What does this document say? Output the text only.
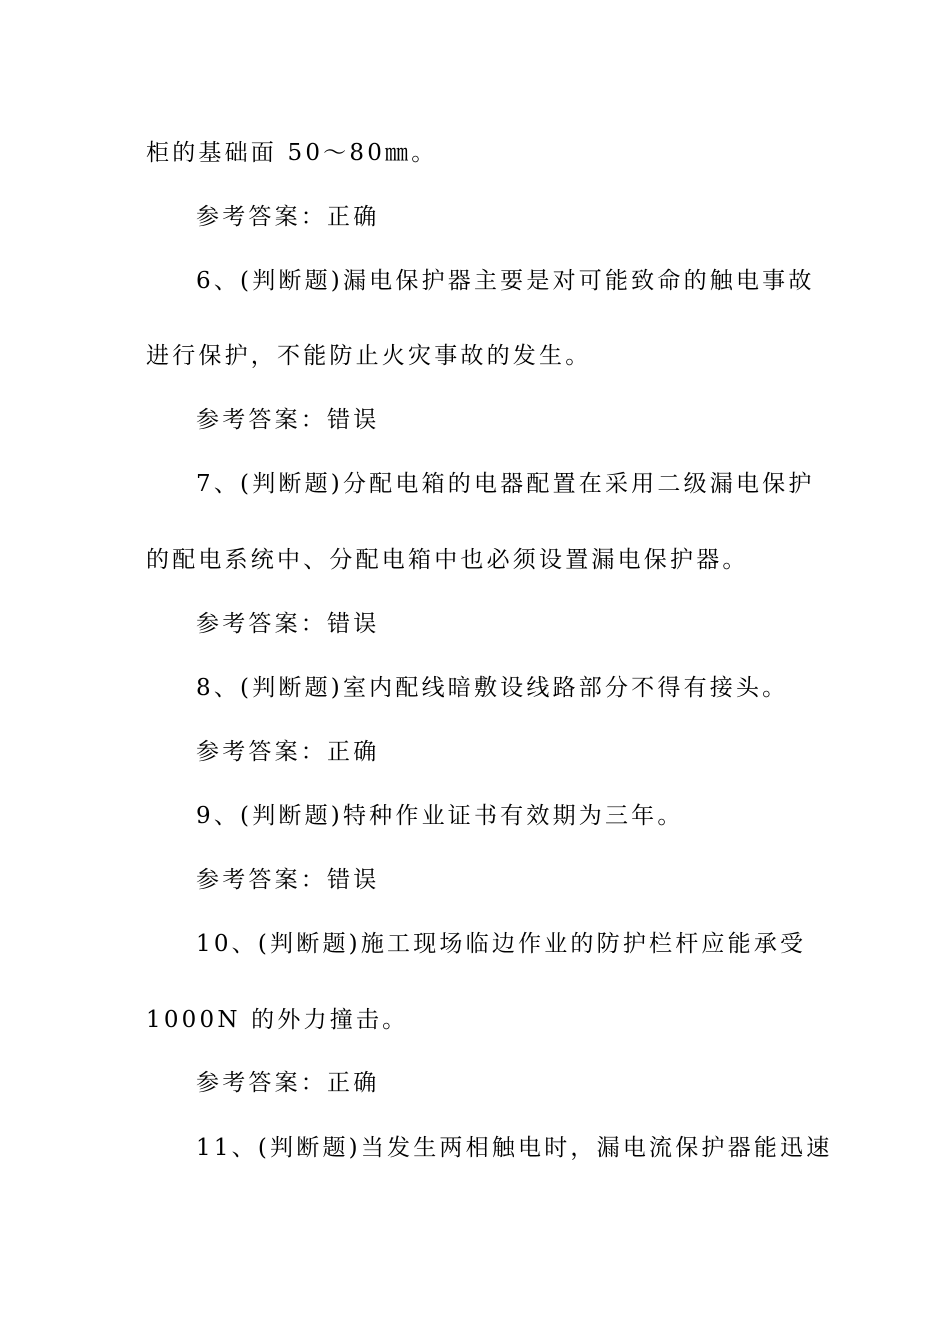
柜的基础面 50～80㎜。
参考答案：正确
6、(判断题)漏电保护器主要是对可能致命的触电事故
进行保护，不能防止火灾事故的发生。
参考答案：错误
7、(判断题)分配电箱的电器配置在采用二级漏电保护
的配电系统中、分配电箱中也必须设置漏电保护器。
参考答案：错误
8、(判断题)室内配线暗敷设线路部分不得有接头。
参考答案：正确
9、(判断题)特种作业证书有效期为三年。
参考答案：错误
10、(判断题)施工现场临边作业的防护栏杆应能承受
1000N 的外力撞击。
参考答案：正确
11、(判断题)当发生两相触电时，漏电流保护器能迅速
